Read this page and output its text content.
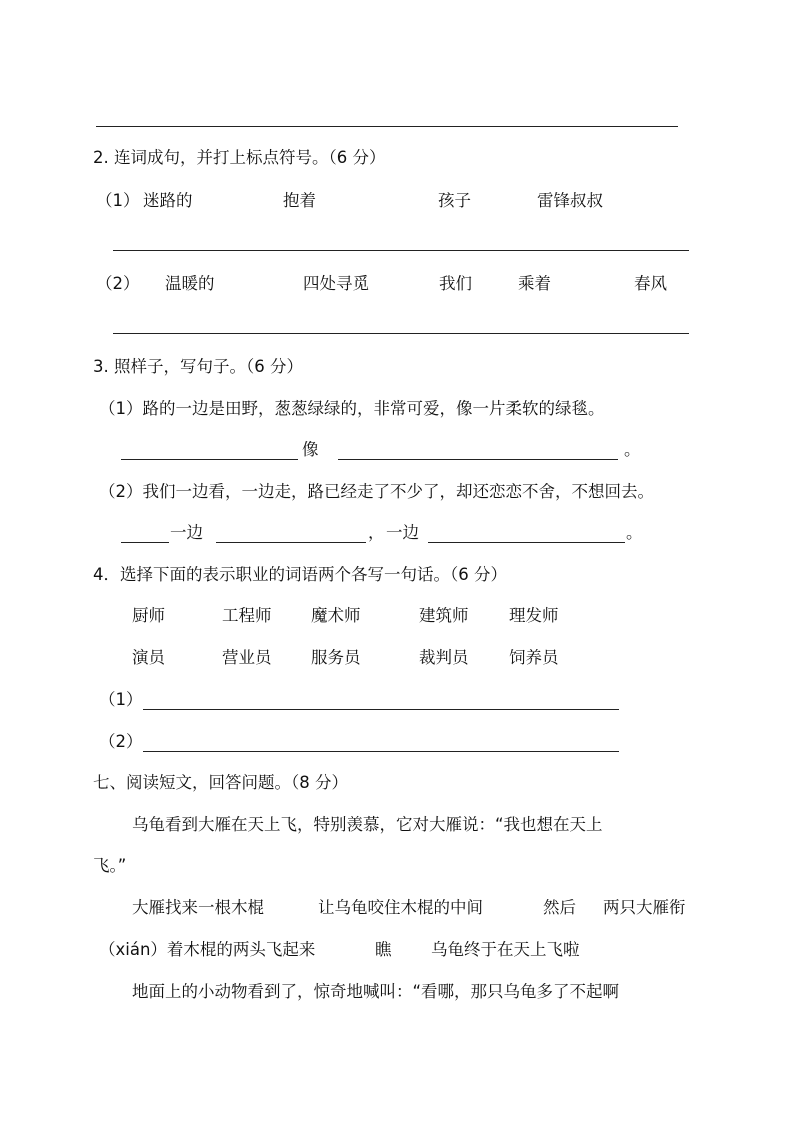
2. 连词成句，并打上标点符号。（6 分）
（1） 迷路的	抱着	孩子	雷锋叔叔
（2） 温暖的	四处寻觅	我们	乘着	春风
3. 照样子，写句子。（6 分）
（1）路的一边是田野，葱葱绿绿的，非常可爱，像一片柔软的绿毯。
像	。
（2）我们一边看，一边走，路已经走了不少了，却还恋恋不舍，不想回去。
一边	， 一边	。
4．选择下面的表示职业的词语两个各写一句话。（6 分）
厨师	工程师 魔术师	建筑师 理发师
演员	营业员 服务员	裁判员 饲养员
（1）
（2）
七、阅读短文，回答问题。（8 分）
乌龟看到大雁在天上飞，特别羡慕，它对大雁说：“我也想在天上
飞。”
大雁找来一根木棍	让乌龟咬住木棍的中间	然后 两只大雁衔
（xián）着木棍的两头飞起来	瞧 乌龟终于在天上飞啦
地面上的小动物看到了，惊奇地喊叫：“看哪，那只乌龟多了不起啊
